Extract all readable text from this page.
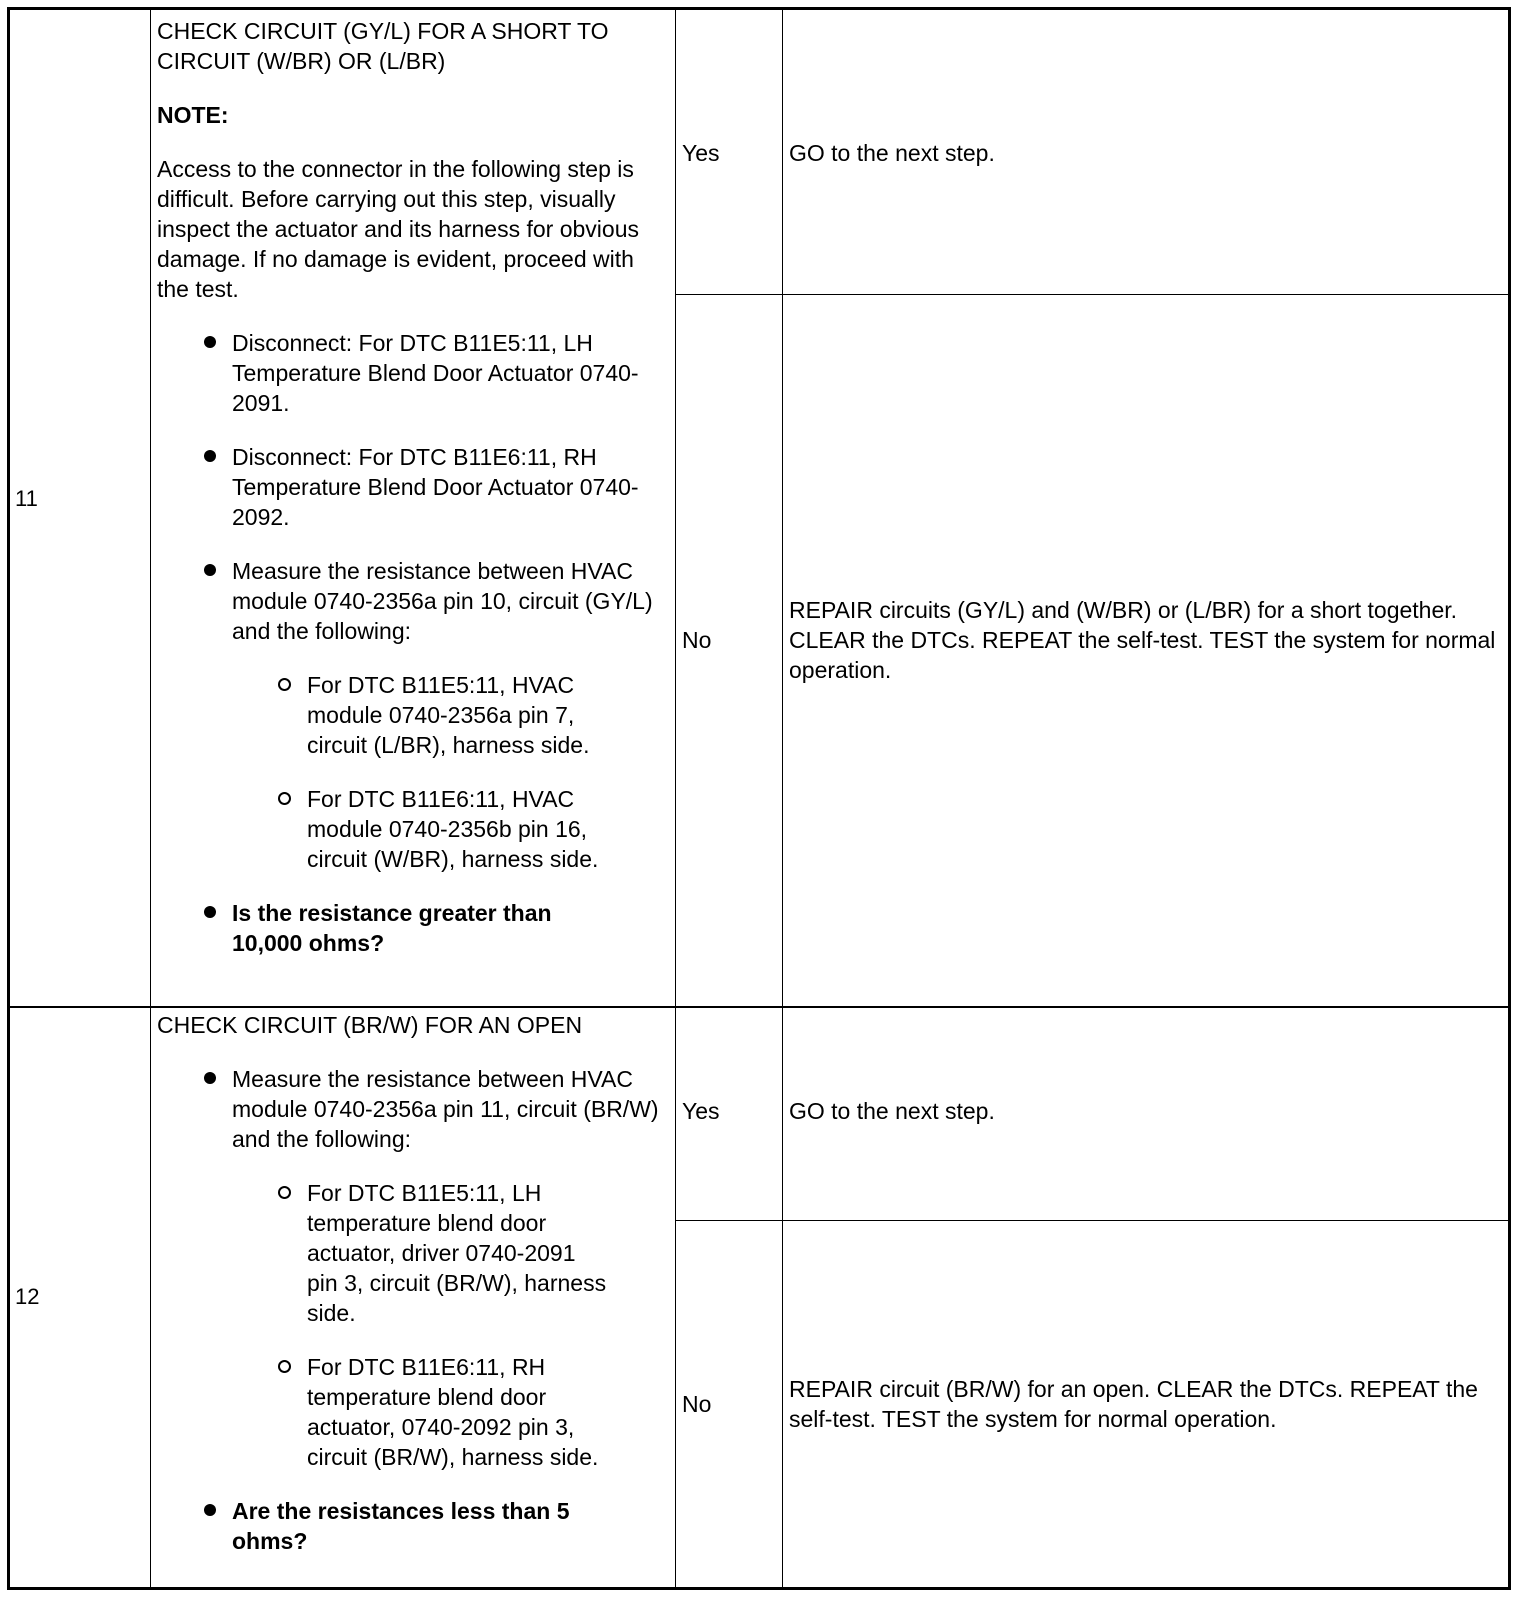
11

CHECK CIRCUIT (GY/L) FOR A SHORT TO CIRCUIT (W/BR) OR (L/BR)

NOTE:

Access to the connector in the following step is difficult. Before carrying out this step, visually inspect the actuator and its harness for obvious damage. If no damage is evident, proceed with the test.

Disconnect: For DTC B11E5:11, LH Temperature Blend Door Actuator 0740-2091.
Disconnect: For DTC B11E6:11, RH Temperature Blend Door Actuator 0740-2092.
Measure the resistance between HVAC module 0740-2356a pin 10, circuit (GY/L) and the following:
For DTC B11E5:11, HVAC module 0740-2356a pin 7, circuit (L/BR), harness side.
For DTC B11E6:11, HVAC module 0740-2356b pin 16, circuit (W/BR), harness side.
Is the resistance greater than 10,000 ohms?
Yes	GO to the next step.
No
REPAIR circuits (GY/L) and (W/BR) or (L/BR) for a short together. CLEAR the DTCs. REPEAT the self-test. TEST the system for normal operation.
12

CHECK CIRCUIT (BR/W) FOR AN OPEN

Measure the resistance between HVAC module 0740-2356a pin 11, circuit (BR/W) and the following:
For DTC B11E5:11, LH temperature blend door actuator, driver 0740-2091 pin 3, circuit (BR/W), harness side.
For DTC B11E6:11, RH temperature blend door actuator, 0740-2092 pin 3, circuit (BR/W), harness side.
Are the resistances less than 5 ohms?
Yes	GO to the next step.
No
REPAIR circuit (BR/W) for an open. CLEAR the DTCs. REPEAT the self-test. TEST the system for normal operation.
